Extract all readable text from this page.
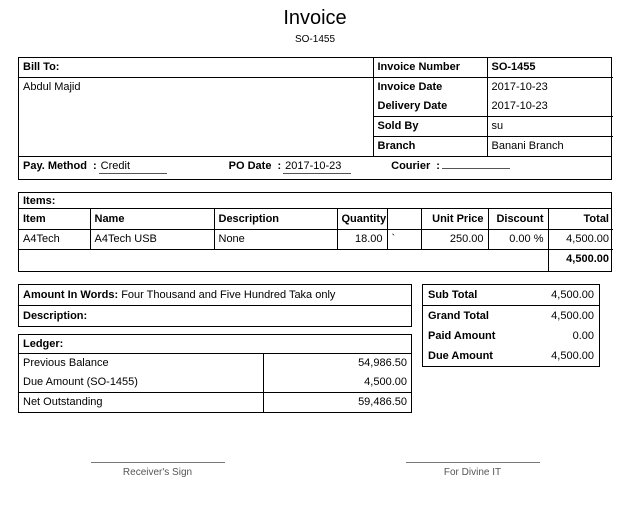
Invoice
SO-1455
Bill To:	Invoice Number	SO-1455
Abdul Majid	Invoice Date	2017-10-23
	Delivery Date	2017-10-23
	Sold By	su
	Branch	Banani Branch
Pay. Method : Credit	PO Date : 2017-10-23	Courier :
Items:
Item	Name	Description	Quantity		Unit Price	Discount	Total
A4Tech	A4Tech USB	None	18.00	`	250.00	0.00 %	4,500.00
							4,500.00
Amount In Words: Four Thousand and Five Hundred Taka only
Description:
Ledger:
Previous Balance	54,986.50
Due Amount (SO-1455)	4,500.00
Net Outstanding	59,486.50
Sub Total	4,500.00
Grand Total	4,500.00
Paid Amount	0.00
Due Amount	4,500.00
Receiver's Sign	For Divine IT
